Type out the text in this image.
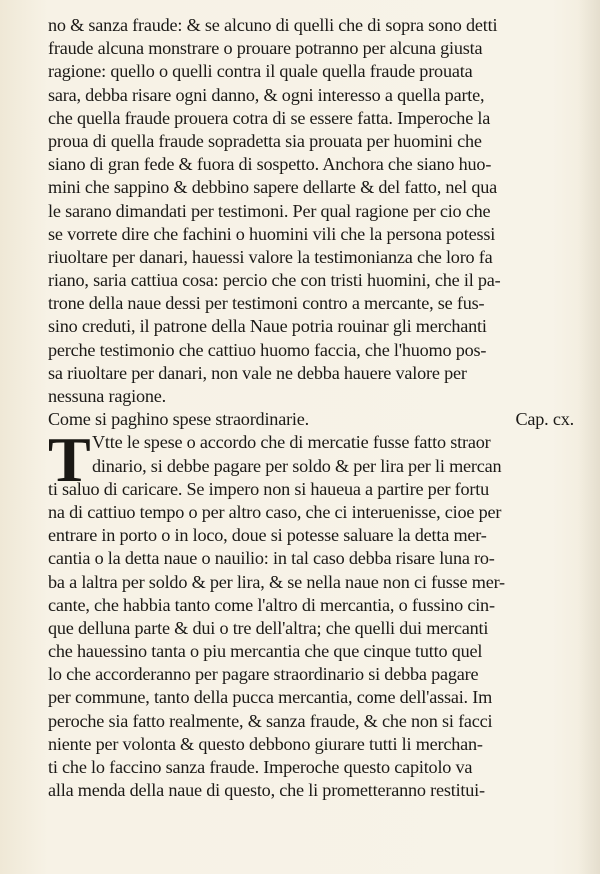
no & sanza fraude: & se alcuno di quelli che di sopra sono detti
fraude alcuna monstrare o prouare potranno per alcuna giusta
ragione: quello o quelli contra il quale quella fraude prouata
sara, debba risare ogni danno, & ogni interesso a quella parte,
che quella fraude prouera cotra di se essere fatta. Imperoche la
proua di quella fraude sopradetta sia prouata per huomini che
siano di gran fede & fuora di sospetto. Anchora che siano huo-
mini che sappino & debbino sapere dellarte & del fatto, nel qua
le sarano dimandati per testimoni. Per qual ragione per cio che
se vorrete dire che fachini o huomini vili che la persona potessi
riuoltare per danari, hauessi valore la testimonianza che loro fa
riano, saria cattiua cosa: percio che con tristi huomini, che il pa-
trone della naue dessi per testimoni contro a mercante, se fus-
sino creduti, il patrone della Naue potria rouinar gli merchanti
perche testimonio che cattiuo huomo faccia, che l'huomo pos-
sa riuoltare per danari, non vale ne debba hauere valore per
nessuna ragione.
Come si paghino spese straordinarie.	Cap. cx.
T Vtte le spese o accordo che di mercatie fusse fatto straor
dinario, si debbe pagare per soldo & per lira per li mercan
ti saluo di caricare. Se impero non si haueua a partire per fortu
na di cattiuo tempo o per altro caso, che ci interuenisse, cioe per
entrare in porto o in loco, doue si potesse saluare la detta mer-
cantia o la detta naue o nauilio: in tal caso debba risare luna ro-
ba a laltra per soldo & per lira, & se nella naue non ci fusse mer-
cante, che habbia tanto come l'altro di mercantia, o fussino cin-
que delluna parte & dui o tre dell'altra; che quelli dui mercanti
che hauessino tanta o piu mercantia che que cinque tutto quel
lo che accorderanno per pagare straordinario si debba pagare
per commune, tanto della pucca mercantia, come dell'assai. Im
peroche sia fatto realmente, & sanza fraude, & che non si facci
niente per volonta & questo debbono giurare tutti li merchan-
ti che lo faccino sanza fraude. Imperoche questo capitolo va
alla menda della naue di questo, che li prometteranno restitui-
